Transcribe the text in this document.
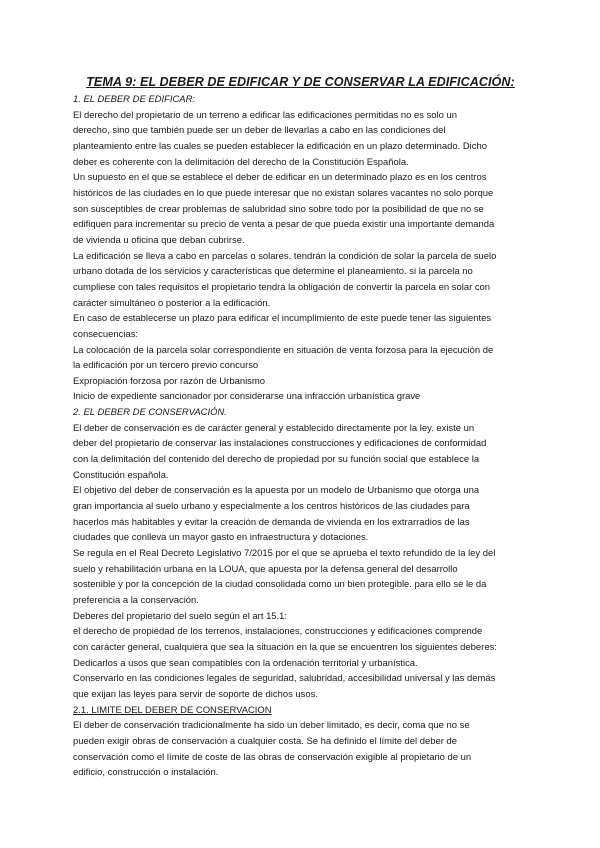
TEMA 9: EL DEBER DE EDIFICAR Y DE CONSERVAR LA EDIFICACIÓN:
1. EL DEBER DE EDIFICAR:
El derecho del propietario de un terreno a edificar las edificaciones permitidas no es solo un
derecho, sino que también puede ser un deber de llevarlas a cabo en las condiciones del
planteamiento entre las cuales se pueden establecer la edificación en un plazo determinado. Dicho
deber es coherente con la delimitación del derecho de la Constitución Española.
Un supuesto en el que se establece el deber de edificar en un determinado plazo es en los centros
históricos de las ciudades en lo que puede interesar que no existan solares vacantes no solo porque
son susceptibles de crear problemas de salubridad sino sobre todo por la posibilidad de que no se
edifiquen para incrementar su precio de venta a pesar de que pueda existir una importante demanda
de vivienda u oficina que deban cubrirse.
La edificación se lleva a cabo en parcelas o solares. tendrán la condición de solar la parcela de suelo
urbano dotada de los servicios y características que determine el planeamiento. si la parcela no
cumpliese con tales requisitos el propietario tendrá la obligación de convertir la parcela en solar con
carácter simultáneo o posterior a la edificación.
En caso de establecerse un plazo para edificar el incumplimiento de este puede tener las siguientes
consecuencias:
La colocación de la parcela solar correspondiente en situación de venta forzosa para la ejecución de
la edificación por un tercero previo concurso
Expropiación forzosa por razón de Urbanismo
Inicio de expediente sancionador por considerarse una infracción urbanística grave
2. EL DEBER DE CONSERVACIÓN.
El deber de conservación es de carácter general y establecido directamente por la ley. existe un
deber del propietario de conservar las instalaciones construcciones y edificaciones de conformidad
con la delimitación del contenido del derecho de propiedad por su función social que establece la
Constitución española.
El objetivo del deber de conservación es la apuesta por un modelo de Urbanismo que otorga una
gran importancia al suelo urbano y especialmente a los centros históricos de las ciudades para
hacerlos más habitables y evitar la creación de demanda de vivienda en los extrarradios de las
ciudades que conlleva un mayor gasto en infraestructura y dotaciones.
Se regula en el Real Decreto Legislativo 7/2015 por el que se aprueba el texto refundido de la ley del
suelo y rehabilitación urbana en la LOUA, que apuesta por la defensa general del desarrollo
sostenible y por la concepción de la ciudad consolidada como un bien protegible. para ello se le da
preferencia a la conservación.
Deberes del propietario del suelo según el art 15.1:
el derecho de propiedad de los terrenos, instalaciones, construcciones y edificaciones comprende
con carácter general, cualquiera que sea la situación en la que se encuentren los siguientes deberes:
Dedicarlos a usos que sean compatibles con la ordenación territorial y urbanística.
Conservarlo en las condiciones legales de seguridad, salubridad, accesibilidad universal y las demás
que exijan las leyes para servir de soporte de dichos usos.
2.1. LIMITE DEL DEBER DE CONSERVACION
El deber de conservación tradicionalmente ha sido un deber limitado, es decir, coma que no se
pueden exigir obras de conservación a cualquier costa. Se ha definido el límite del deber de
conservación como el límite de coste de las obras de conservación exigible al propietario de un
edificio, construcción o instalación.
